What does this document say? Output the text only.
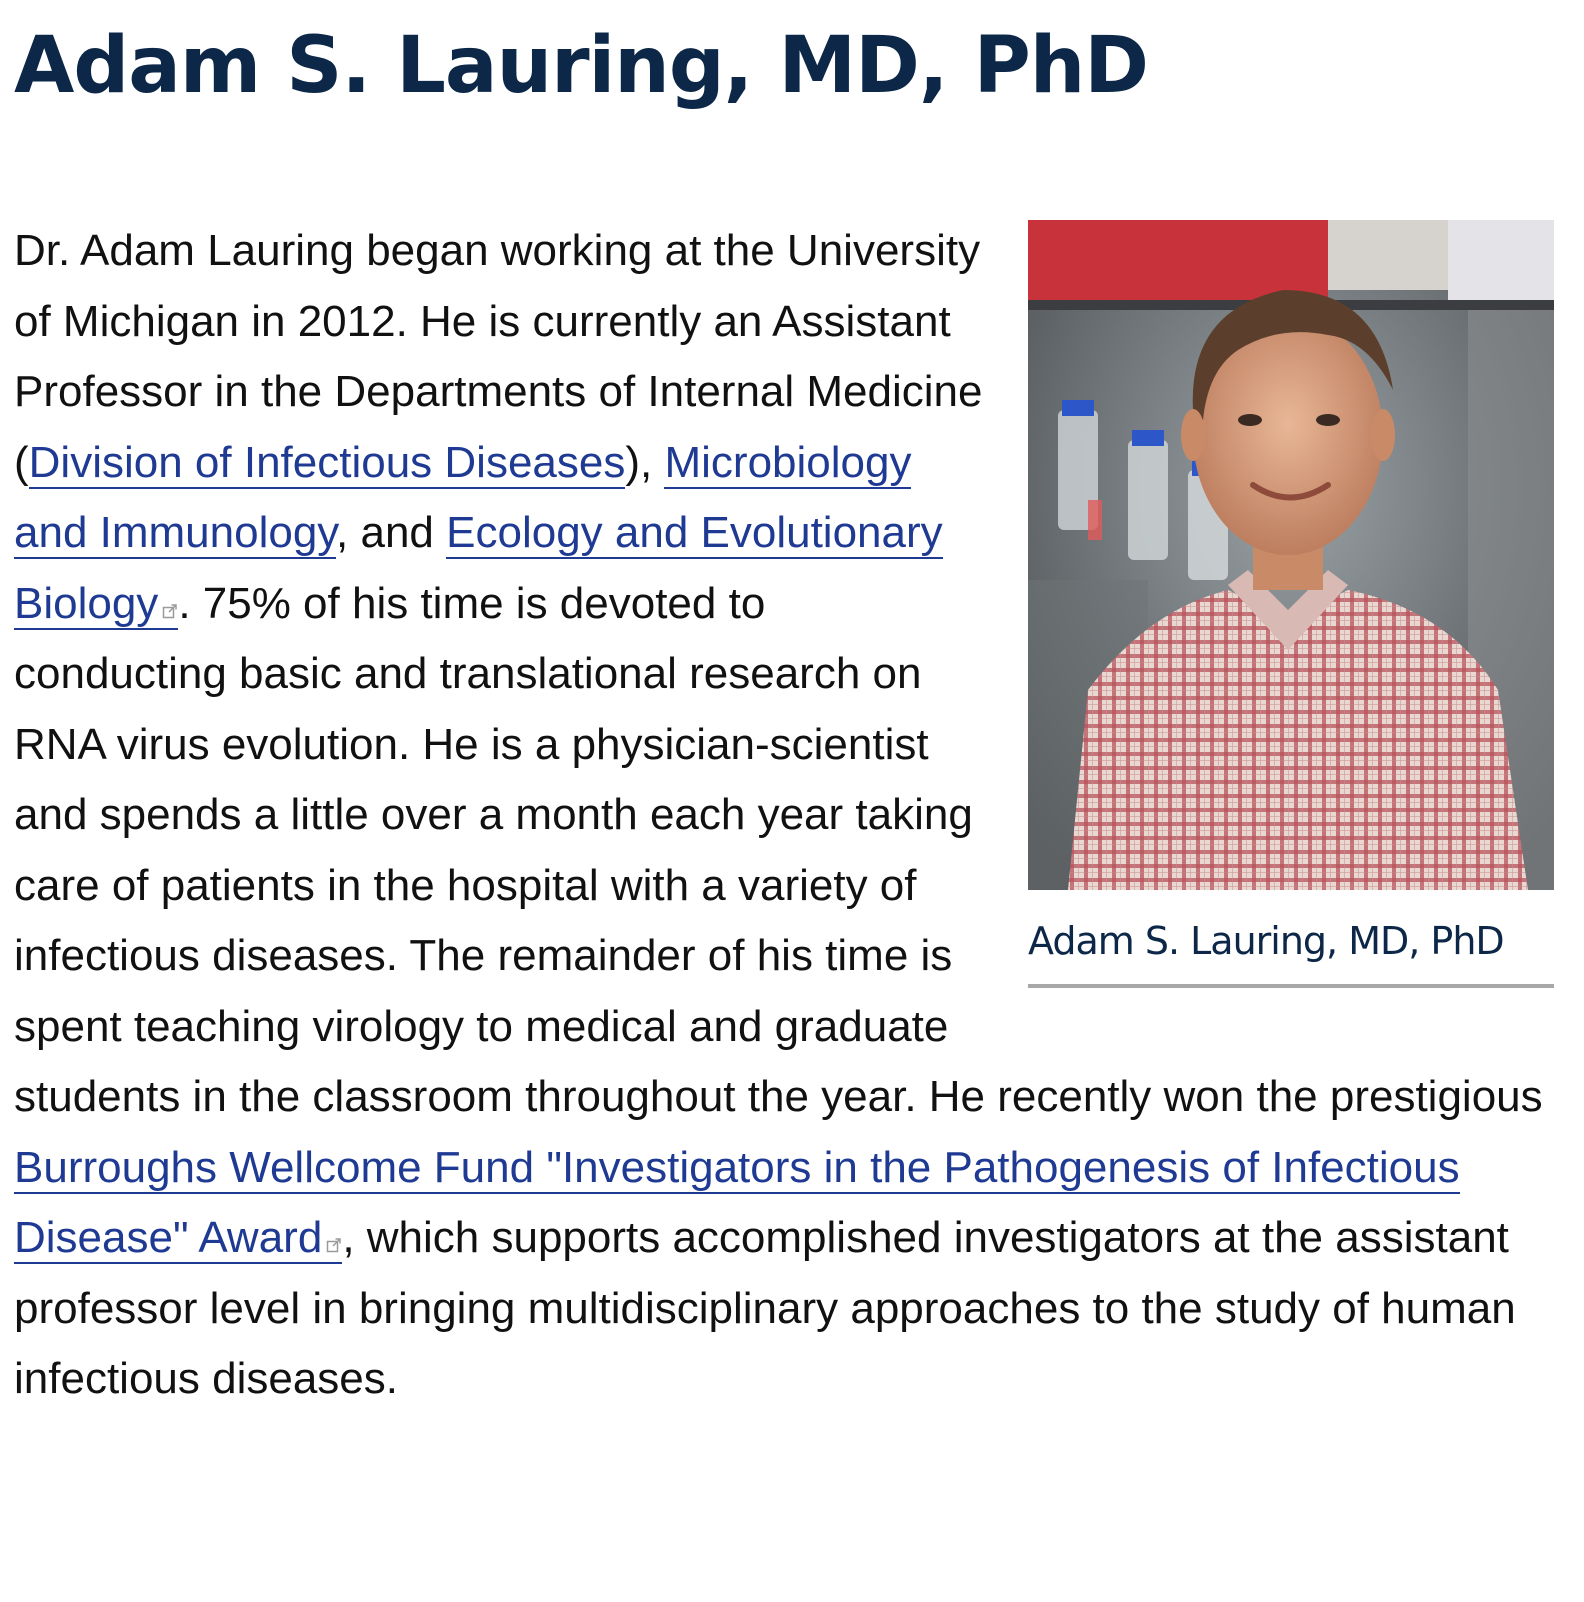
Adam S. Lauring, MD, PhD
Adam S. Lauring, MD, PhD

Dr. Adam Lauring began working at the University of Michigan in 2012. He is currently an Assistant Professor in the Departments of Internal Medicine (Division of Infectious Diseases), Microbiology and Immunology, and Ecology and Evolutionary Biology . 75% of his time is devoted to conducting basic and translational research on RNA virus evolution. He is a physician-scientist and spends a little over a month each year taking care of patients in the hospital with a variety of infectious diseases. The remainder of his time is spent teaching virology to medical and graduate students in the classroom throughout the year. He recently won the prestigious Burroughs Wellcome Fund "Investigators in the Pathogenesis of Infectious Disease" Award , which supports accomplished investigators at the assistant professor level in bringing multidisciplinary approaches to the study of human infectious diseases.
